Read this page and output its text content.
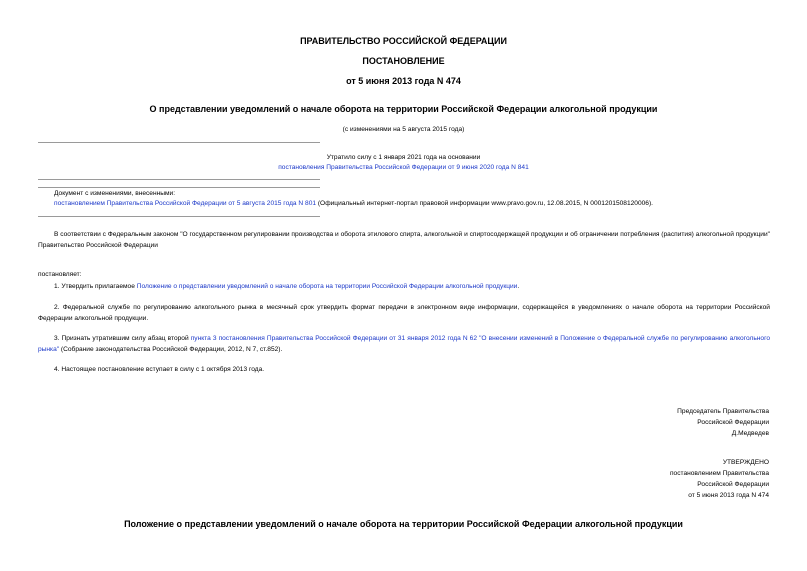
ПРАВИТЕЛЬСТВО РОССИЙСКОЙ ФЕДЕРАЦИИ
ПОСТАНОВЛЕНИЕ
от 5 июня 2013 года N 474
О представлении уведомлений о начале оборота на территории Российской Федерации алкогольной продукции
(с изменениями на 5 августа 2015 года)
Утратило силу с 1 января 2021 года на основании
постановления Правительства Российской Федерации от 9 июня 2020 года N 841
Документ с изменениями, внесенными:
постановлением Правительства Российской Федерации от 5 августа 2015 года N 801 (Официальный интернет-портал правовой информации www.pravo.gov.ru, 12.08.2015, N 0001201508120006).
В соответствии с Федеральным законом "О государственном регулировании производства и оборота этилового спирта, алкогольной и спиртосодержащей продукции и об ограничении потребления (распития) алкогольной продукции" Правительство Российской Федерации
постановляет:
1. Утвердить прилагаемое Положение о представлении уведомлений о начале оборота на территории Российской Федерации алкогольной продукции.
2. Федеральной службе по регулированию алкогольного рынка в месячный срок утвердить формат передачи в электронном виде информации, содержащейся в уведомлениях о начале оборота на территории Российской Федерации алкогольной продукции.
3. Признать утратившим силу абзац второй пункта 3 постановления Правительства Российской Федерации от 31 января 2012 года N 62 "О внесении изменений в Положение о Федеральной службе по регулированию алкогольного рынка" (Собрание законодательства Российской Федерации, 2012, N 7, ст.852).
4. Настоящее постановление вступает в силу с 1 октября 2013 года.
Председатель Правительства
Российской Федерации
Д.Медведев
УТВЕРЖДЕНО
постановлением Правительства
Российской Федерации
от 5 июня 2013 года N 474
Положение о представлении уведомлений о начале оборота на территории Российской Федерации алкогольной продукции
